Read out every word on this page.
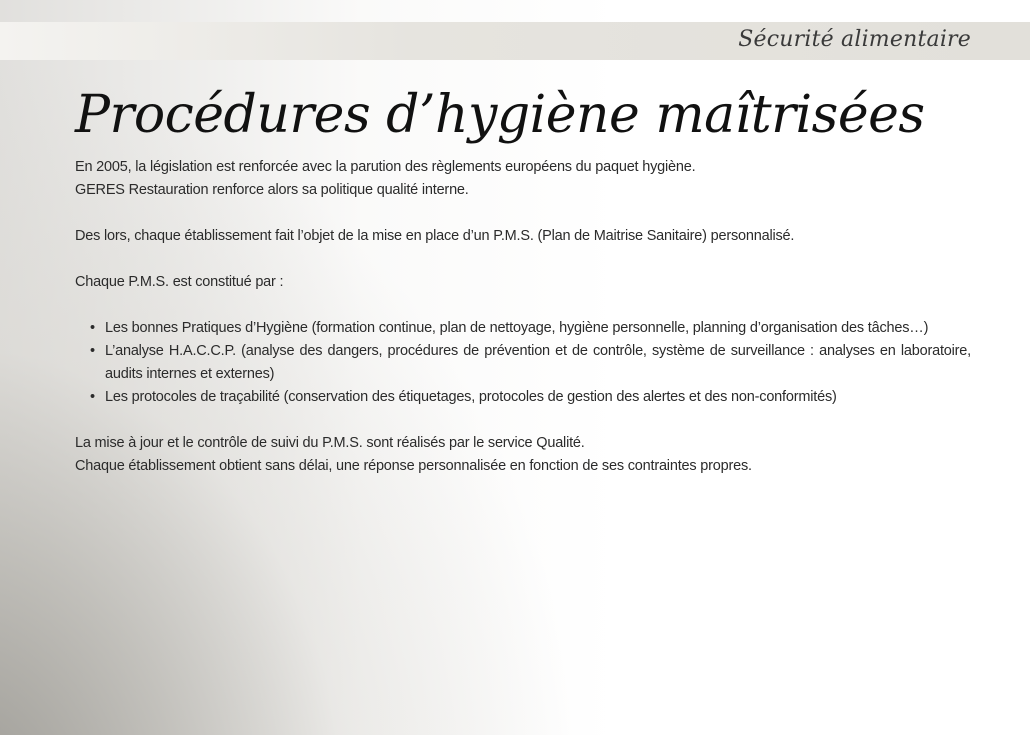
Sécurité alimentaire
Procédures d’hygiène maîtrisées

En 2005, la législation est renforcée avec la parution des règlements européens du paquet hygiène.

GERES Restauration renforce alors sa politique qualité interne.

Des lors, chaque établissement fait l’objet de la mise en place d’un P.M.S. (Plan de Maitrise Sanitaire) personnalisé.

Chaque P.M.S. est constitué par :

• Les bonnes Pratiques d’Hygiène (formation continue, plan de nettoyage, hygiène personnelle, planning d’organisation des tâches…)
• L’analyse H.A.C.C.P. (analyse des dangers, procédures de prévention et de contrôle, système de surveillance : analyses en laboratoire, audits internes et externes)
• Les protocoles de traçabilité (conservation des étiquetages, protocoles de gestion des alertes et des non-conformités)

La mise à jour et le contrôle de suivi du P.M.S. sont réalisés par le service Qualité.

Chaque établissement obtient sans délai, une réponse personnalisée en fonction de ses contraintes propres.
